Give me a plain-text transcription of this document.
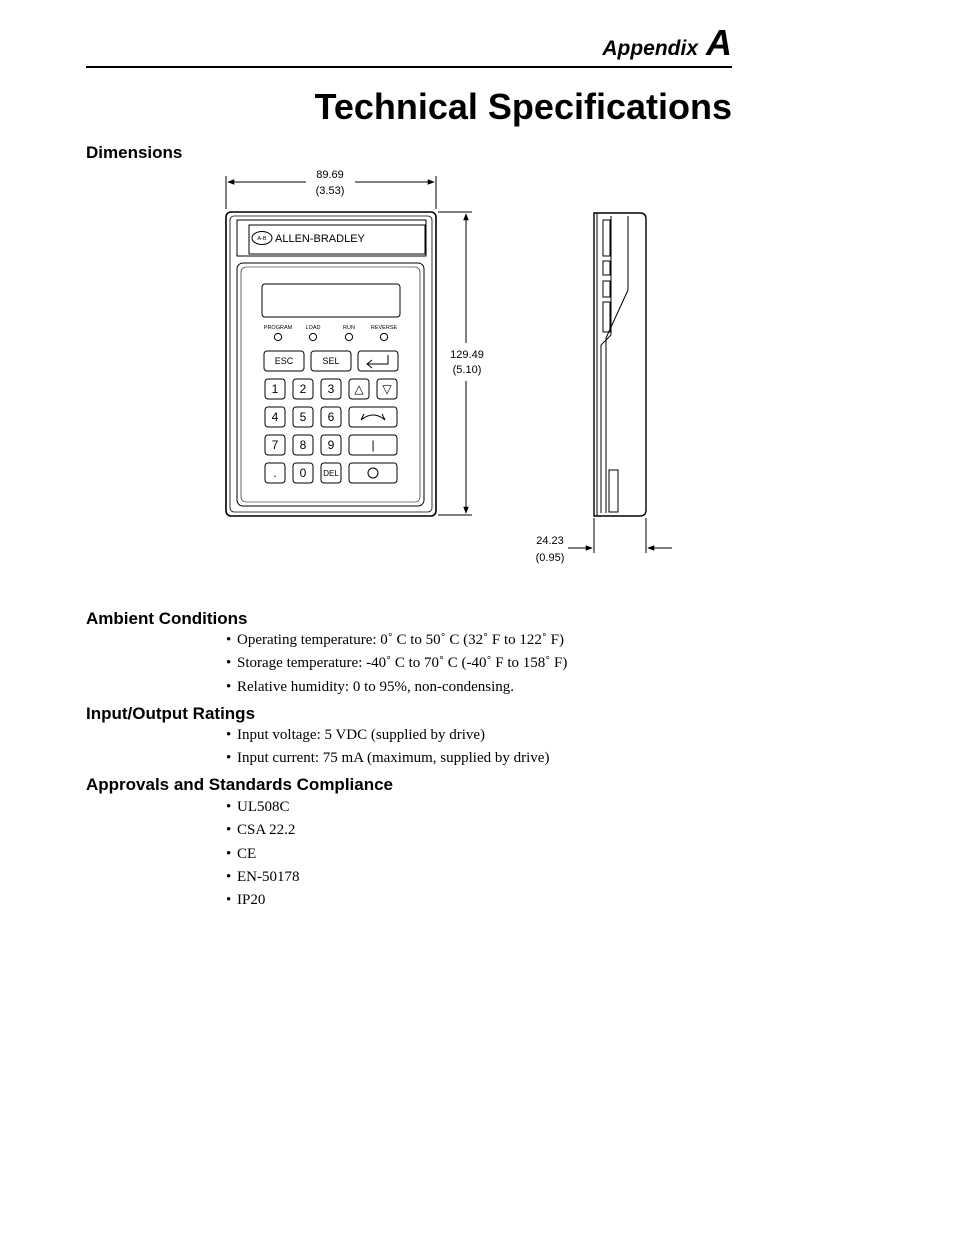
Appendix A
Technical Specifications
Dimensions
89.69
(3.53)
129.49
(5.10)
A-B ALLEN-BRADLEY
PROGRAM LOAD	RUN	REVERSE
ESC	SEL
1 2 3 △ ▽
4 5 6
7 8 9	|
. 0 DEL
24.23
(0.95)
Ambient Conditions
• Operating temperature: 0˚ C to 50˚ C (32˚ F to 122˚ F)
• Storage temperature: -40˚ C to 70˚ C (-40˚ F to 158˚ F)
• Relative humidity: 0 to 95%, non-condensing.
Input/Output Ratings
• Input voltage: 5 VDC (supplied by drive)
• Input current: 75 mA (maximum, supplied by drive)
Approvals and Standards Compliance
• UL508C
• CSA 22.2
• CE
• EN-50178
• IP20
